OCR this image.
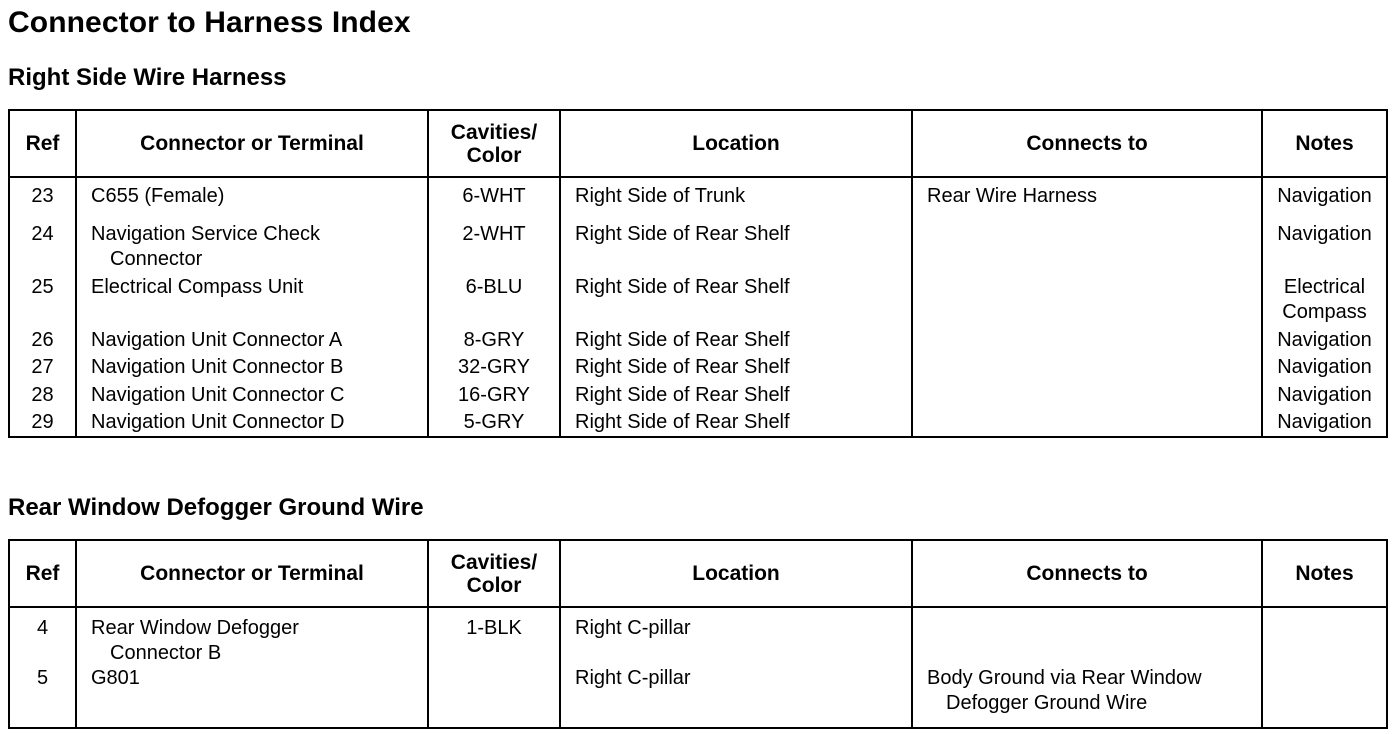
Connector to Harness Index
Right Side Wire Harness
Ref	Connector or Terminal	Cavities/
Color	Location	Connects to	Notes

23	C655 (Female)	6-WHT	Right Side of Trunk	Rear Wire Harness	Navigation

24	Navigation Service Check
Connector	2-WHT	Right Side of Rear Shelf		Navigation

25	Electrical Compass Unit	6-BLU	Right Side of Rear Shelf		Electrical
Compass

26	Navigation Unit Connector A	8-GRY	Right Side of Rear Shelf		Navigation

27	Navigation Unit Connector B	32-GRY	Right Side of Rear Shelf		Navigation

28	Navigation Unit Connector C	16-GRY	Right Side of Rear Shelf		Navigation

29	Navigation Unit Connector D	5-GRY	Right Side of Rear Shelf		Navigation
Rear Window Defogger Ground Wire
Ref	Connector or Terminal	Cavities/
Color	Location	Connects to	Notes

4	Rear Window Defogger
Connector B	1-BLK	Right C-pillar		

5	G801		Right C-pillar	Body Ground via Rear Window
Defogger Ground Wire	
